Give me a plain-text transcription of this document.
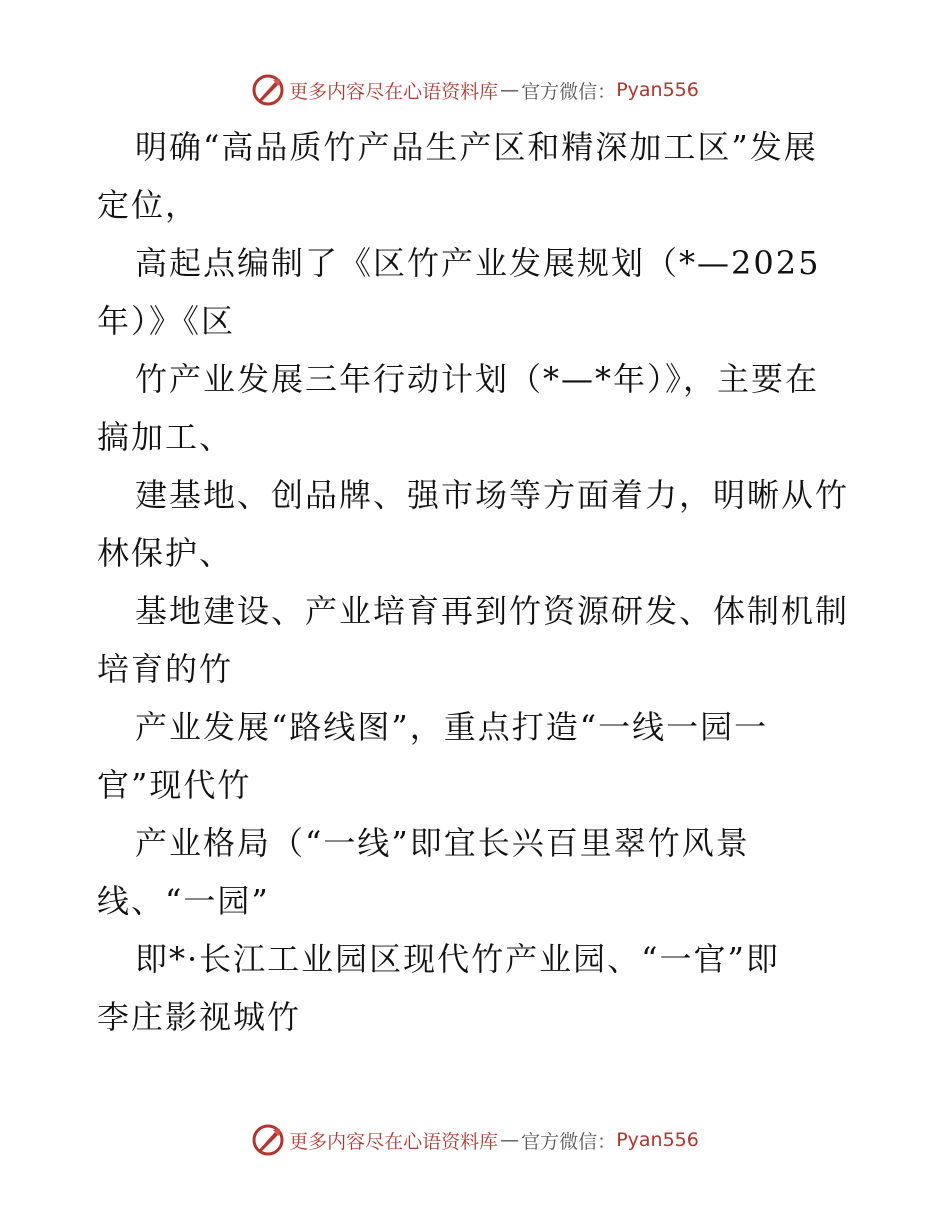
更多内容尽在心语资料库 — 官方微信： Pyan556

明确“高品质竹产品生产区和精深加工区”发展
定位，

高起点编制了《区竹产业发展规划（*—2025
年）》《区

竹产业发展三年行动计划（*—*年）》，主要在
搞加工、

建基地、创品牌、强市场等方面着力，明晰从竹
林保护、

基地建设、产业培育再到竹资源研发、体制机制
培育的竹

产业发展“路线图”，重点打造“一线一园一
官”现代竹

产业格局（“一线”即宜长兴百里翠竹风景
线、“一园”

即*·长江工业园区现代竹产业园、“一官”即
李庄影视城竹

更多内容尽在心语资料库 — 官方微信： Pyan556
